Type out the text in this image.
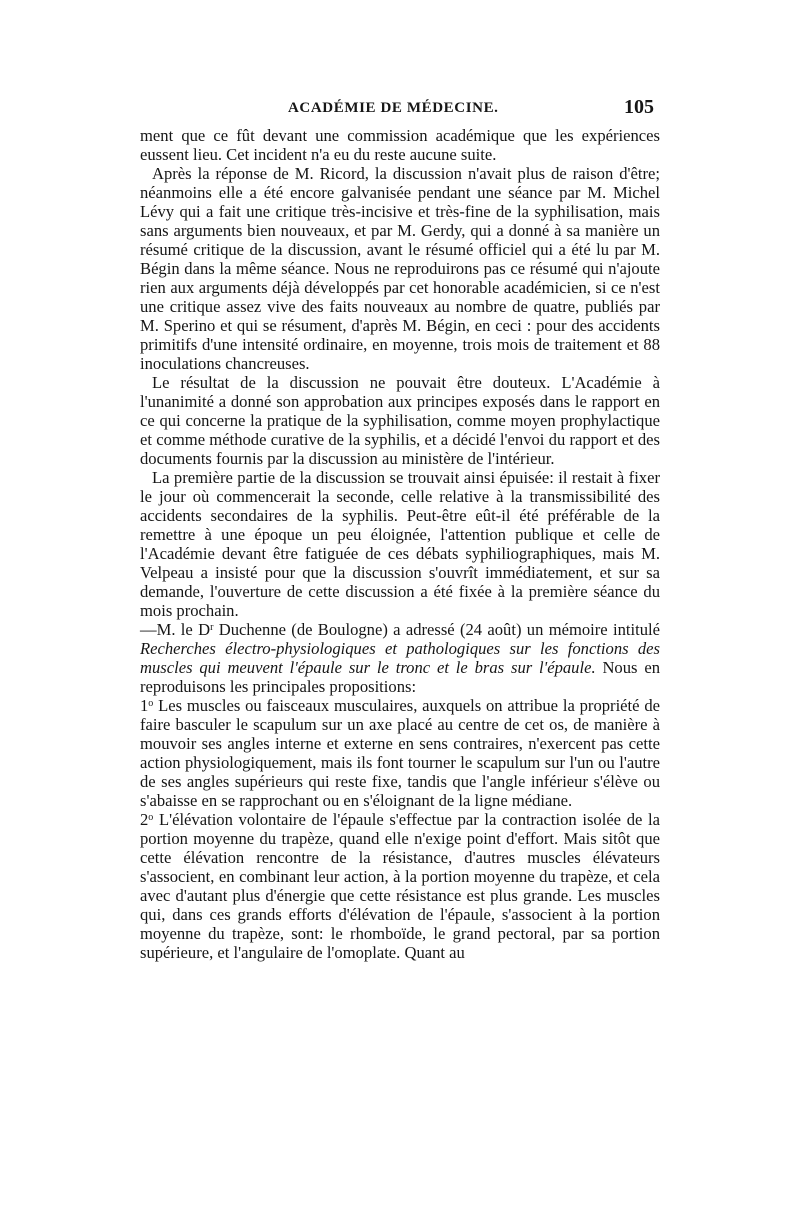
ACADÉMIE DE MÉDECINE.	105

ment que ce fût devant une commission académique que les expériences eussent lieu. Cet incident n'a eu du reste aucune suite.

Après la réponse de M. Ricord, la discussion n'avait plus de raison d'être; néanmoins elle a été encore galvanisée pendant une séance par M. Michel Lévy qui a fait une critique très-incisive et très-fine de la syphilisation, mais sans arguments bien nouveaux, et par M. Gerdy, qui a donné à sa manière un résumé critique de la discussion, avant le résumé officiel qui a été lu par M. Bégin dans la même séance. Nous ne reproduirons pas ce résumé qui n'ajoute rien aux arguments déjà développés par cet honorable académicien, si ce n'est une critique assez vive des faits nouveaux au nombre de quatre, publiés par M. Sperino et qui se résument, d'après M. Bégin, en ceci : pour des accidents primitifs d'une intensité ordinaire, en moyenne, trois mois de traitement et 88 inoculations chancreuses.

Le résultat de la discussion ne pouvait être douteux. L'Académie à l'unanimité a donné son approbation aux principes exposés dans le rapport en ce qui concerne la pratique de la syphilisation, comme moyen prophylactique et comme méthode curative de la syphilis, et a décidé l'envoi du rapport et des documents fournis par la discussion au ministère de l'intérieur.

La première partie de la discussion se trouvait ainsi épuisée: il restait à fixer le jour où commencerait la seconde, celle relative à la transmissibilité des accidents secondaires de la syphilis. Peut-être eût-il été préférable de la remettre à une époque un peu éloignée, l'attention publique et celle de l'Académie devant être fatiguée de ces débats syphiliographiques, mais M. Velpeau a insisté pour que la discussion s'ouvrît immédiatement, et sur sa demande, l'ouverture de cette discussion a été fixée à la première séance du mois prochain.

—M. le $D^r$ Duchenne (de Boulogne) a adressé (24 août) un mémoire intitulé Recherches électro-physiologiques et pathologiques sur les fonctions des muscles qui meuvent l'épaule sur le tronc et le bras sur l'épaule. Nous en reproduisons les principales propositions:

1$^o$ Les muscles ou faisceaux musculaires, auxquels on attribue la propriété de faire basculer le scapulum sur un axe placé au centre de cet os, de manière à mouvoir ses angles interne et externe en sens contraires, n'exercent pas cette action physiologiquement, mais ils font tourner le scapulum sur l'un ou l'autre de ses angles supérieurs qui reste fixe, tandis que l'angle inférieur s'élève ou s'abaisse en se rapprochant ou en s'éloignant de la ligne médiane.

2$^o$ L'élévation volontaire de l'épaule s'effectue par la contraction isolée de la portion moyenne du trapèze, quand elle n'exige point d'effort. Mais sitôt que cette élévation rencontre de la résistance, d'autres muscles élévateurs s'associent, en combinant leur action, à la portion moyenne du trapèze, et cela avec d'autant plus d'énergie que cette résistance est plus grande. Les muscles qui, dans ces grands efforts d'élévation de l'épaule, s'associent à la portion moyenne du trapèze, sont: le rhomboïde, le grand pectoral, par sa portion supérieure, et l'angulaire de l'omoplate. Quant au
